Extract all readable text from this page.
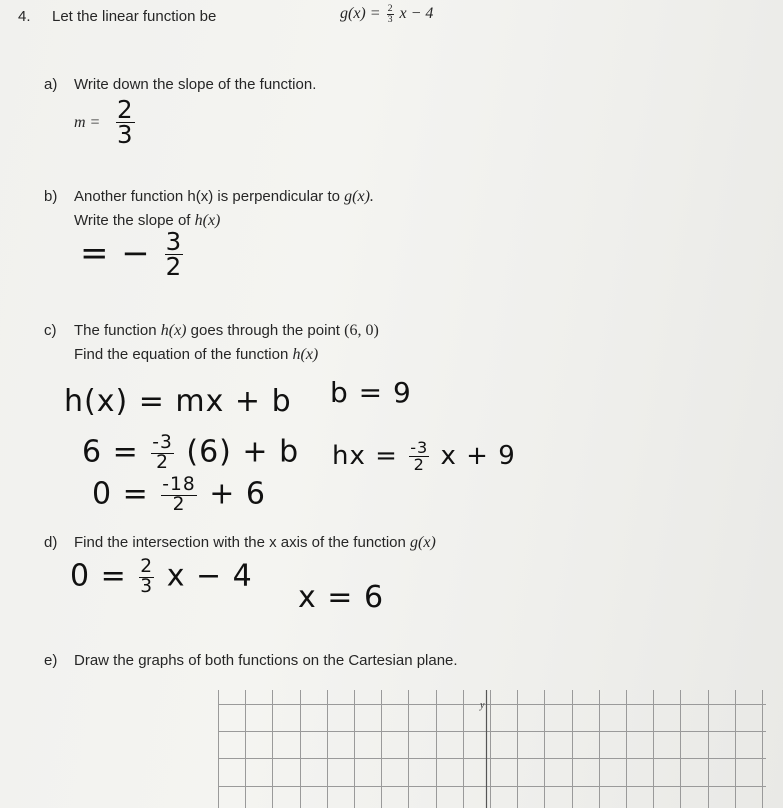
4. Let the linear function be	$g(x) = \frac{2}{3}$ x − 4
a) Write down the slope of the function.
$m = \frac{2}{3}$
b) Another function h(x) is perpendicular to g(x).
Write the slope of h(x)
= − $\frac{3}{2}$
c) The function h(x) goes through the point (6, 0)
Find the equation of the function h(x)
h(x) = mx + b
$6 = \frac{-3}{2} (6) + b$
$0 = \frac{-18}{2} + 6$
b = 9
hx = $\frac{-3}{2}$ x + 9
d) Find the intersection with the x axis of the function g(x)
$0 = \frac{2}{3}$ x − 4
x = 6
e) Draw the graphs of both functions on the Cartesian plane.
y
